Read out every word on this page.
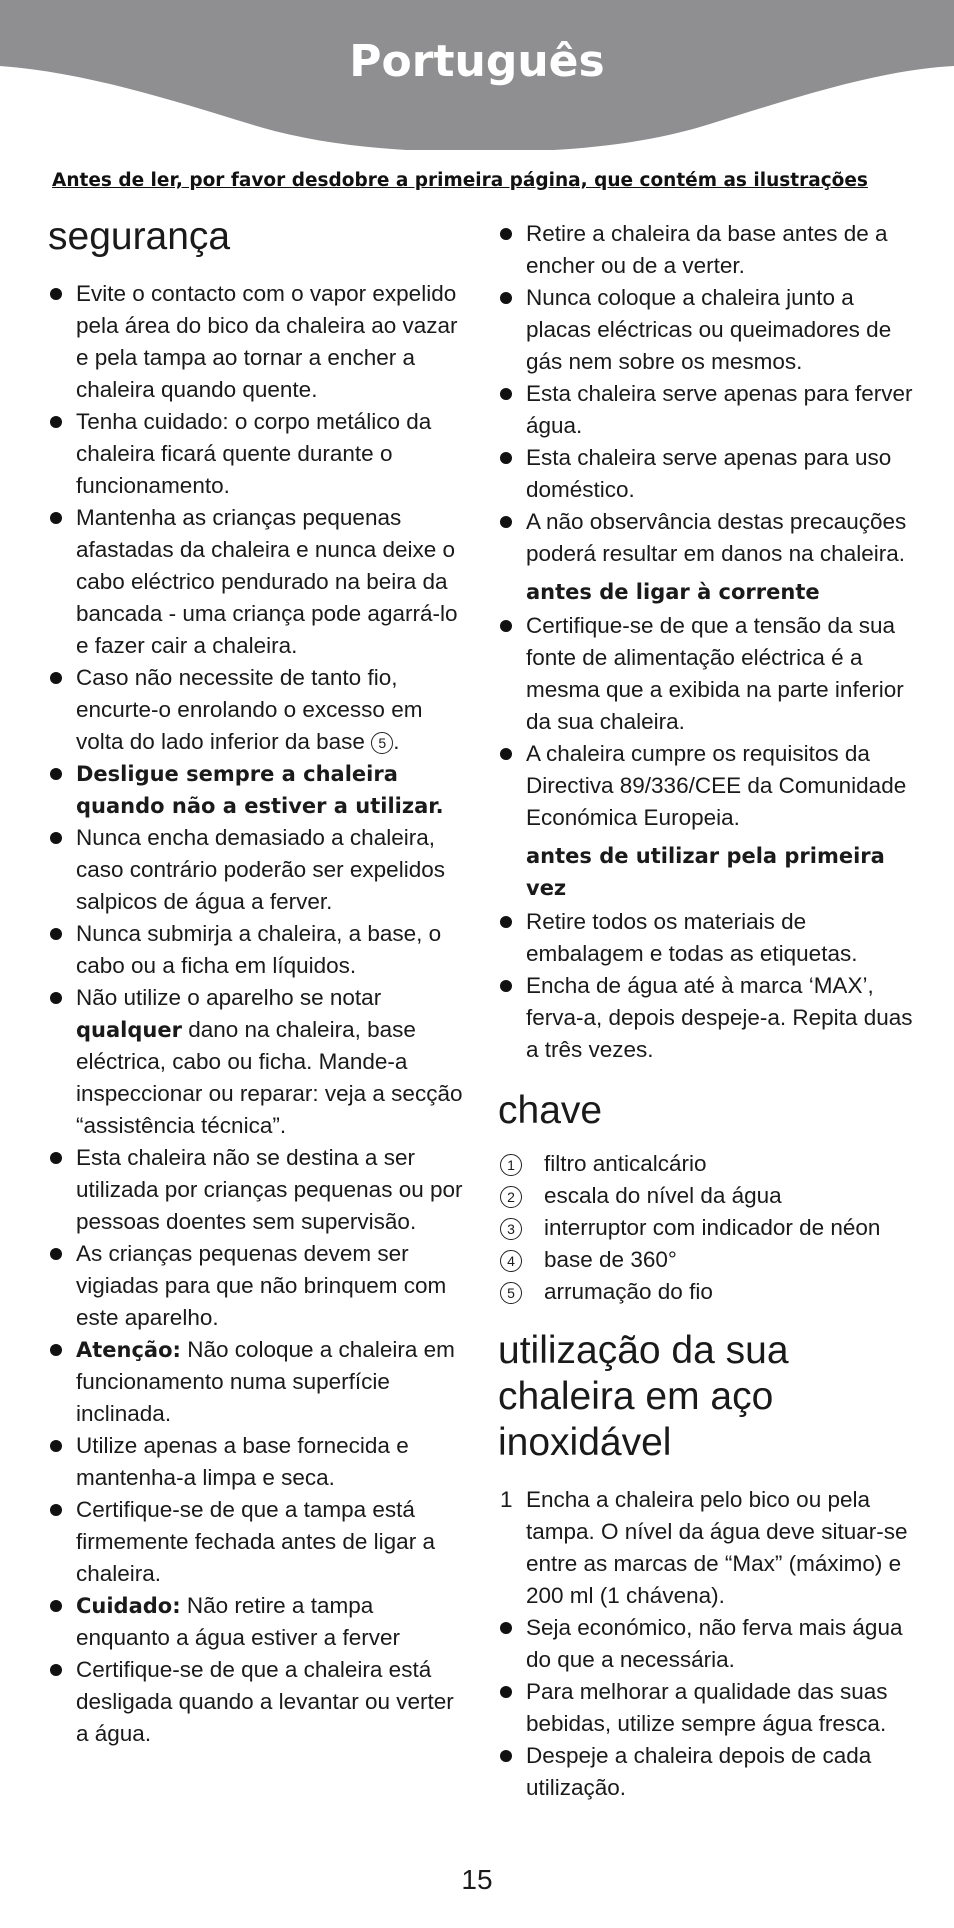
Português
Antes de ler, por favor desdobre a primeira página, que contém as ilustrações
segurança
Evite o contacto com o vapor expelido pela área do bico da chaleira ao vazar e pela tampa ao tornar a encher a chaleira quando quente.
Tenha cuidado: o corpo metálico da chaleira ficará quente durante o funcionamento.
Mantenha as crianças pequenas afastadas da chaleira e nunca deixe o cabo eléctrico pendurado na beira da bancada - uma criança pode agarrá-lo e fazer cair a chaleira.
Caso não necessite de tanto fio, encurte-o enrolando o excesso em volta do lado inferior da base 5 .
Desligue sempre a chaleira quando não a estiver a utilizar.
Nunca encha demasiado a chaleira, caso contrário poderão ser expelidos salpicos de água a ferver.
Nunca submirja a chaleira, a base, o cabo ou a ficha em líquidos.
Não utilize o aparelho se notar qualquer dano na chaleira, base eléctrica, cabo ou ficha. Mande-a inspeccionar ou reparar: veja a secção “assistência técnica”.
Esta chaleira não se destina a ser utilizada por crianças pequenas ou por pessoas doentes sem supervisão.
As crianças pequenas devem ser vigiadas para que não brinquem com este aparelho.
Atenção: Não coloque a chaleira em funcionamento numa superfície inclinada.
Utilize apenas a base fornecida e mantenha-a limpa e seca.
Certifique-se de que a tampa está firmemente fechada antes de ligar a chaleira.
Cuidado: Não retire a tampa enquanto a água estiver a ferver
Certifique-se de que a chaleira está desligada quando a levantar ou verter a água.
Retire a chaleira da base antes de a encher ou de a verter.
Nunca coloque a chaleira junto a placas eléctricas ou queimadores de gás nem sobre os mesmos.
Esta chaleira serve apenas para ferver água.
Esta chaleira serve apenas para uso doméstico.
A não observância destas precauções poderá resultar em danos na chaleira.
antes de ligar à corrente
Certifique-se de que a tensão da sua fonte de alimentação eléctrica é a mesma que a exibida na parte inferior da sua chaleira.
A chaleira cumpre os requisitos da Directiva 89/336/CEE da Comunidade Económica Europeia.
antes de utilizar pela primeira vez
Retire todos os materiais de embalagem e todas as etiquetas.
Encha de água até à marca ‘MAX’, ferva-a, depois despeje-a. Repita duas a três vezes.
chave
1	filtro anticalcário
2	escala do nível da água
3	interruptor com indicador de néon
4	base de 360°
5	arrumação do fio
utilização da sua chaleira em aço inoxidável
1 Encha a chaleira pelo bico ou pela tampa. O nível da água deve situar-se entre as marcas de “Max” (máximo) e 200 ml (1 chávena).
Seja económico, não ferva mais água do que a necessária.
Para melhorar a qualidade das suas bebidas, utilize sempre água fresca.
Despeje a chaleira depois de cada utilização.
15
